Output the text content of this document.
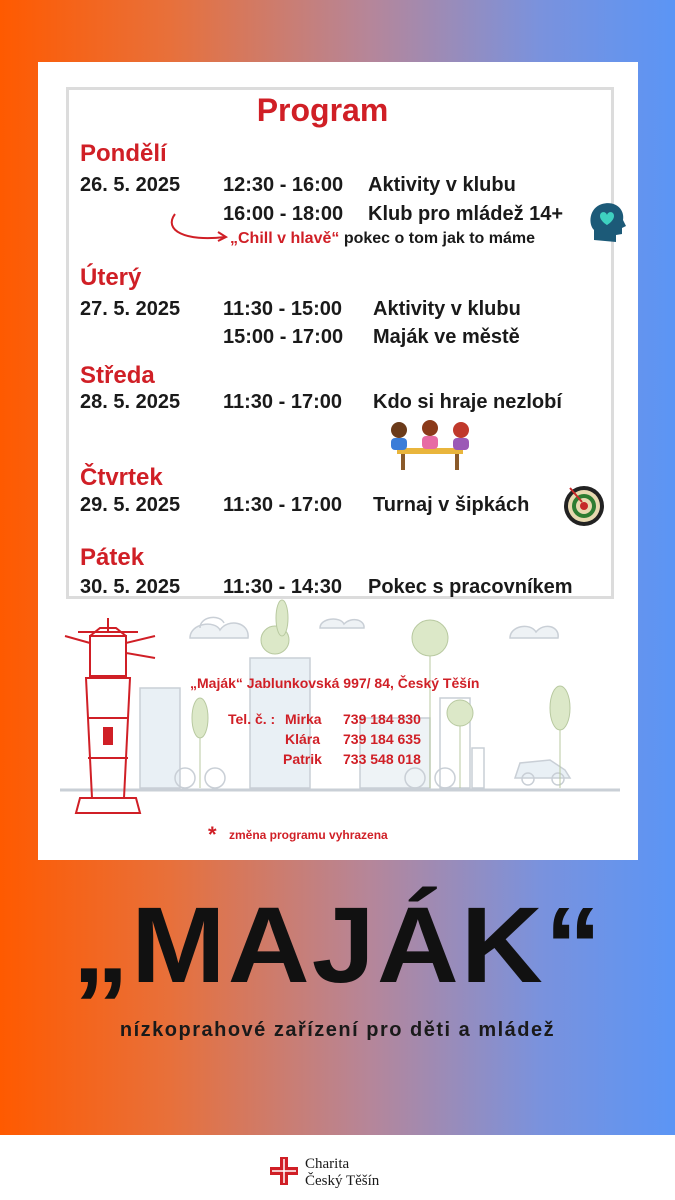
Program
Pondělí
26. 5. 2025 12:30 - 16:00 Aktivity v klubu
16:00 - 18:00 Klub pro mládež 14+
„Chill v hlavě“ pokec o tom jak to máme
Úterý
27. 5. 2025 11:30 - 15:00 Aktivity v klubu
15:00 - 17:00 Maják ve městě
Středa
28. 5. 2025 11:30 - 17:00 Kdo si hraje nezlobí
Čtvrtek
29. 5. 2025 11:30 - 17:00 Turnaj v šipkách
Pátek
30. 5. 2025 11:30 - 14:30 Pokec s pracovníkem
„Maják“ Jablunkovská 997/ 84, Český Těšín
Tel. č. : Mirka 739 184 830
Klára 739 184 635
Patrik 733 548 018
* změna programu vyhrazena
„MAJÁK“
nízkoprahové zařízení pro děti a mládež
Charita
Český Těšín
